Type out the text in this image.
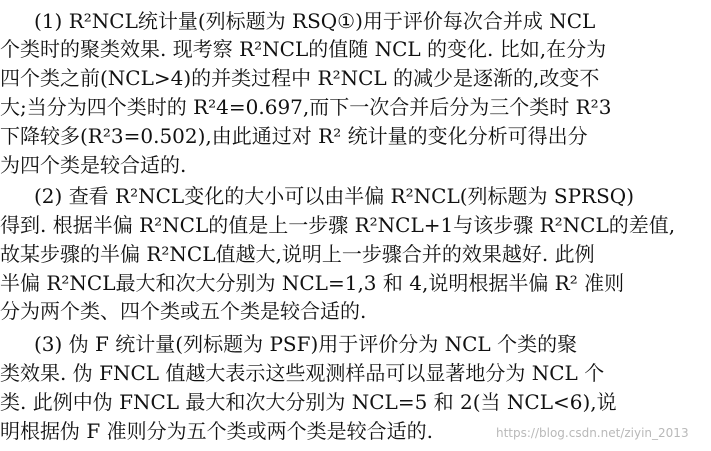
(1) R²NCL统计量(列标题为 RSQ①)用于评价每次合并成 NCL
个类时的聚类效果. 现考察 R²NCL的值随 NCL 的变化. 比如,在分为
四个类之前(NCL>4)的并类过程中 R²NCL 的减少是逐渐的,改变不
大;当分为四个类时的 R²4=0.697,而下一次合并后分为三个类时 R²3
下降较多(R²3=0.502),由此通过对 R² 统计量的变化分析可得出分
为四个类是较合适的.
(2) 查看 R²NCL变化的大小可以由半偏 R²NCL(列标题为 SPRSQ)
得到. 根据半偏 R²NCL的值是上一步骤 R²NCL+1与该步骤 R²NCL的差值,
故某步骤的半偏 R²NCL值越大,说明上一步骤合并的效果越好. 此例
半偏 R²NCL最大和次大分别为 NCL=1,3 和 4,说明根据半偏 R² 准则
分为两个类、四个类或五个类是较合适的.
(3) 伪 F 统计量(列标题为 PSF)用于评价分为 NCL 个类的聚
类效果. 伪 FNCL 值越大表示这些观测样品可以显著地分为 NCL 个
类. 此例中伪 FNCL 最大和次大分别为 NCL=5 和 2(当 NCL<6),说
明根据伪 F 准则分为五个类或两个类是较合适的.	https://blog.csdn.net/ziyin_2013
